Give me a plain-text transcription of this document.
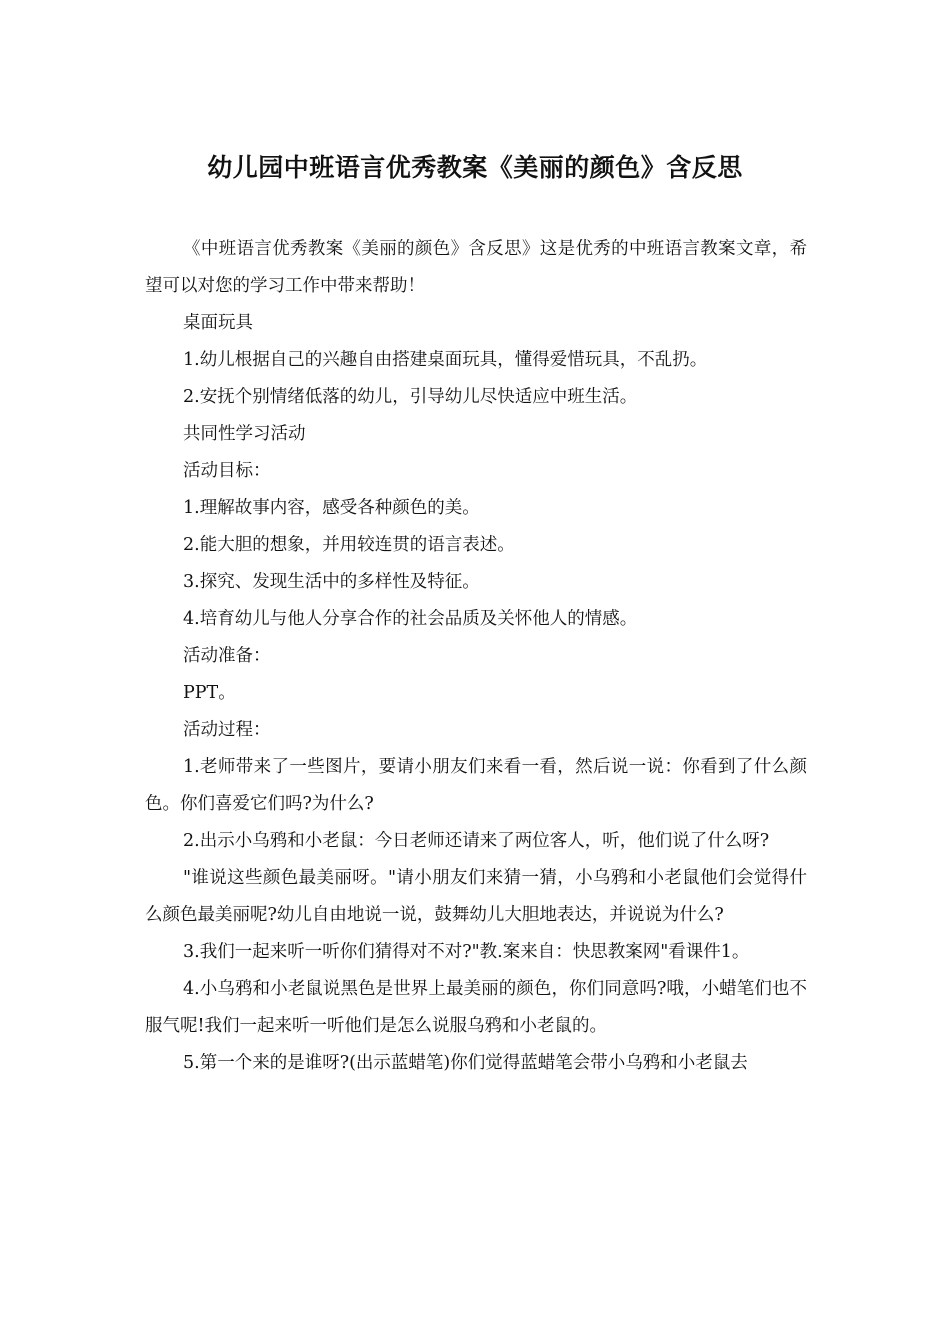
幼儿园中班语言优秀教案《美丽的颜色》含反思

《中班语言优秀教案《美丽的颜色》含反思》这是优秀的中班语言教案文章，希望可以对您的学习工作中带来帮助！

桌面玩具

1.幼儿根据自己的兴趣自由搭建桌面玩具，懂得爱惜玩具，不乱扔。

2.安抚个别情绪低落的幼儿，引导幼儿尽快适应中班生活。

共同性学习活动

活动目标：

1.理解故事内容，感受各种颜色的美。

2.能大胆的想象，并用较连贯的语言表述。

3.探究、发现生活中的多样性及特征。

4.培育幼儿与他人分享合作的社会品质及关怀他人的情感。

活动准备：

PPT。

活动过程：

1.老师带来了一些图片，要请小朋友们来看一看，然后说一说：你看到了什么颜色。你们喜爱它们吗?为什么?

2.出示小乌鸦和小老鼠：今日老师还请来了两位客人，听，他们说了什么呀?

"谁说这些颜色最美丽呀。"请小朋友们来猜一猜，小乌鸦和小老鼠他们会觉得什么颜色最美丽呢?幼儿自由地说一说，鼓舞幼儿大胆地表达，并说说为什么?

3.我们一起来听一听你们猜得对不对?"教.案来自：快思教案网"看课件1。

4.小乌鸦和小老鼠说黑色是世界上最美丽的颜色，你们同意吗?哦，小蜡笔们也不服气呢!我们一起来听一听他们是怎么说服乌鸦和小老鼠的。

5.第一个来的是谁呀?(出示蓝蜡笔)你们觉得蓝蜡笔会带小乌鸦和小老鼠去
